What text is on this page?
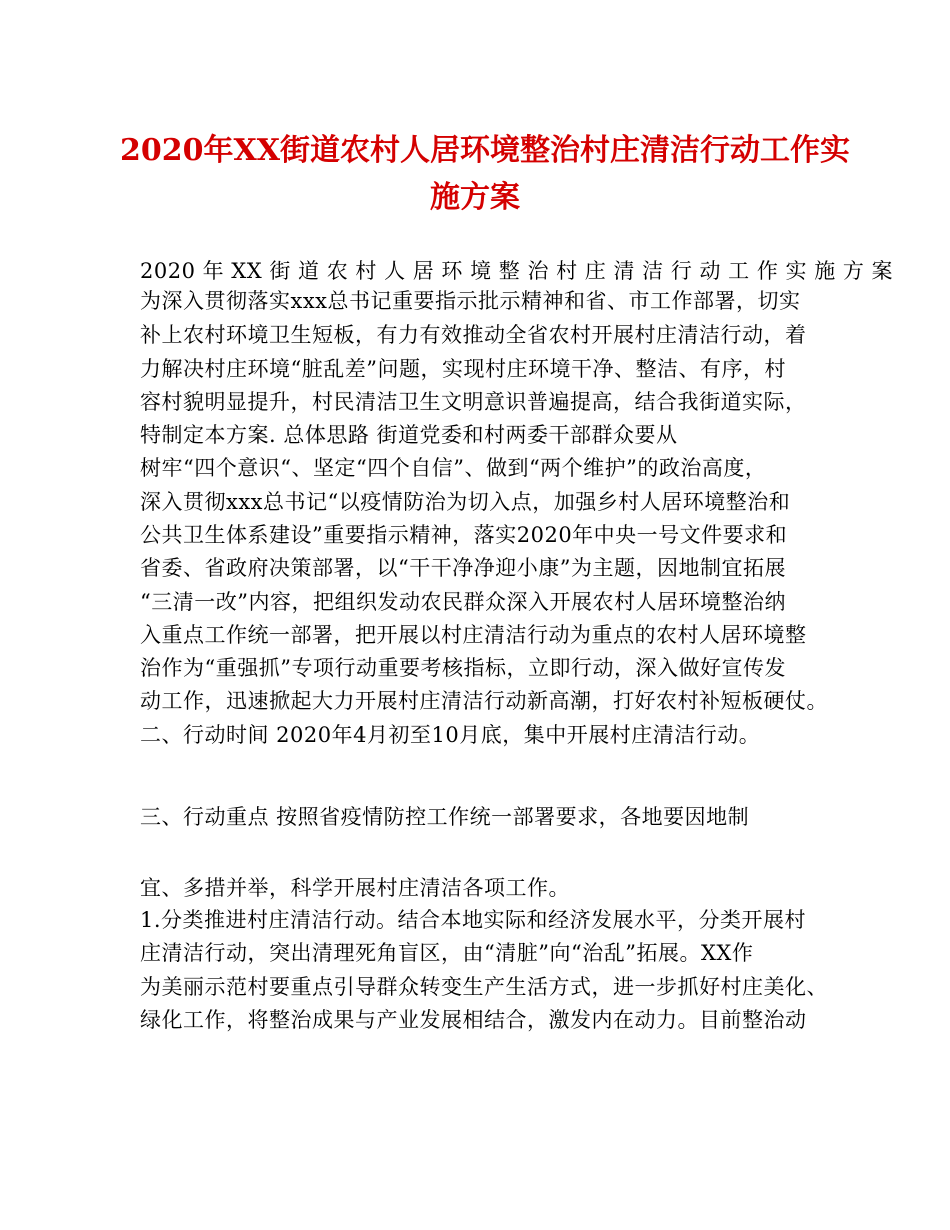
2020年XX街道农村人居环境整治村庄清洁行动工作实
施方案
2020 年 XX 街 道 农 村 人 居 环 境 整 治 村 庄 清 洁 行 动 工 作 实 施 方 案
为深入贯彻落实xxx总书记重要指示批示精神和省、市工作部署，切实
补上农村环境卫生短板，有力有效推动全省农村开展村庄清洁行动，着
力解决村庄环境“脏乱差”问题，实现村庄环境干净、整洁、有序，村
容村貌明显提升，村民清洁卫生文明意识普遍提高，结合我街道实际，
特制定本方案. 总体思路 街道党委和村两委干部群众要从
树牢“四个意识“、坚定“四个自信”、做到“两个维护”的政治高度，
深入贯彻xxx总书记“以疫情防治为切入点，加强乡村人居环境整治和
公共卫生体系建设”重要指示精神，落实2020年中央一号文件要求和
省委、省政府决策部署，以“干干净净迎小康”为主题，因地制宜拓展
“三清一改”内容，把组织发动农民群众深入开展农村人居环境整治纳
入重点工作统一部署，把开展以村庄清洁行动为重点的农村人居环境整
治作为“重强抓”专项行动重要考核指标，立即行动，深入做好宣传发
动工作，迅速掀起大力开展村庄清洁行动新高潮，打好农村补短板硬仗。
二、行动时间 2020年4月初至10月底，集中开展村庄清洁行动。
三、行动重点 按照省疫情防控工作统一部署要求，各地要因地制
宜、多措并举，科学开展村庄清洁各项工作。
1.分类推进村庄清洁行动。结合本地实际和经济发展水平，分类开展村
庄清洁行动，突出清理死角盲区，由“清脏”向“治乱”拓展。XX作
为美丽示范村要重点引导群众转变生产生活方式，进一步抓好村庄美化、
绿化工作，将整治成果与产业发展相结合，激发内在动力。目前整治动
